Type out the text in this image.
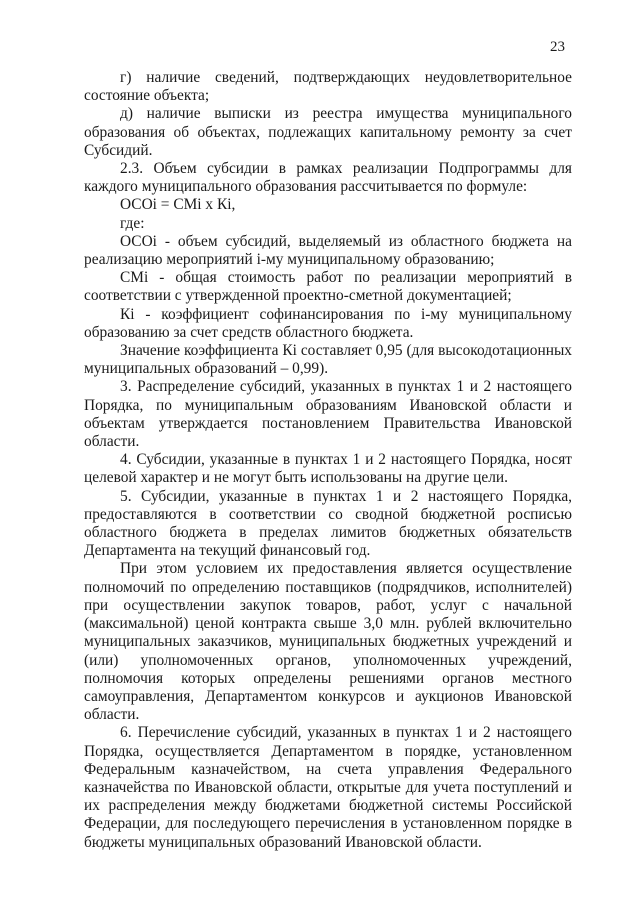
23

г) наличие сведений, подтверждающих неудовлетворительное состояние объекта;

д) наличие выписки из реестра имущества муниципального образования об объектах, подлежащих капитальному ремонту за счет Субсидий.

2.3. Объем субсидии в рамках реализации Подпрограммы для каждого муниципального образования рассчитывается по формуле:

ОСОi = СМi х Кi,

где:

ОСОi - объем субсидий, выделяемый из областного бюджета на реализацию мероприятий i-му муниципальному образованию;

СМi - общая стоимость работ по реализации мероприятий в соответствии с утвержденной проектно-сметной документацией;

Кi - коэффициент софинансирования по i-му муниципальному образованию за счет средств областного бюджета.

Значение коэффициента Кi составляет 0,95 (для высокодотационных муниципальных образований – 0,99).

3. Распределение субсидий, указанных в пунктах 1 и 2 настоящего Порядка, по муниципальным образованиям Ивановской области и объектам утверждается постановлением Правительства Ивановской области.

4. Субсидии, указанные в пунктах 1 и 2 настоящего Порядка, носят целевой характер и не могут быть использованы на другие цели.

5. Субсидии, указанные в пунктах 1 и 2 настоящего Порядка, предоставляются в соответствии со сводной бюджетной росписью областного бюджета в пределах лимитов бюджетных обязательств Департамента на текущий финансовый год.

При этом условием их предоставления является осуществление полномочий по определению поставщиков (подрядчиков, исполнителей) при осуществлении закупок товаров, работ, услуг с начальной (максимальной) ценой контракта свыше 3,0 млн. рублей включительно муниципальных заказчиков, муниципальных бюджетных учреждений и (или) уполномоченных органов, уполномоченных учреждений, полномочия которых определены решениями органов местного самоуправления, Департаментом конкурсов и аукционов Ивановской области.

6. Перечисление субсидий, указанных в пунктах 1 и 2 настоящего Порядка, осуществляется Департаментом в порядке, установленном Федеральным казначейством, на счета управления Федерального казначейства по Ивановской области, открытые для учета поступлений и их распределения между бюджетами бюджетной системы Российской Федерации, для последующего перечисления в установленном порядке в бюджеты муниципальных образований Ивановской области.
